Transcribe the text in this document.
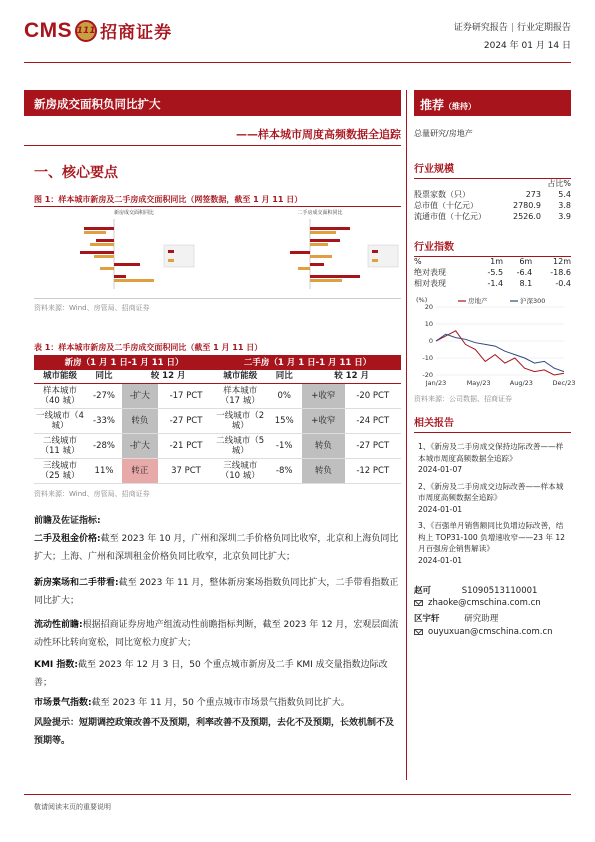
CMS 111 招商证券	证券研究报告 | 行业定期报告
2024 年 01 月 14 日
新房成交面积负同比扩大
——样本城市周度高频数据全追踪
一、核心要点
图 1：样本城市新房及二手房成交面积同比（网签数据，截至 1 月 11 日）
新房成交面积同比	二手房成交面积同比
资料来源：Wind、房管局、招商证券
表 1：样本城市新房及二手房成交面积同比（截至 1 月 11 日）
新房（1 月 1 日-1 月 11 日）				二手房（1 月 1 日-1 月 11 日）			
城市能级	同比	较 12 月		城市能级	同比	较 12 月	
样本城市（40 城）	-27%	-扩大	-17 PCT	样本城市（17 城）	0%	+收窄	-20 PCT
一线城市（4 城）	-33%	转负	-27 PCT	一线城市（2 城）	15%	+收窄	-24 PCT
二线城市（11 城）	-28%	-扩大	-21 PCT	二线城市（5 城）	-1%	转负	-27 PCT
三线城市（25 城）	11%	转正	37 PCT	三线城市（10 城）	-8%	转负	-12 PCT
资料来源：Wind、房管局、招商证券
前瞻及佐证指标:
二手及租金价格:截至 2023 年 10 月，广州和深圳二手价格负同比收窄，北京和上海负同比扩大；上海、广州和深圳租金价格负同比收窄，北京负同比扩大；
新房案场和二手带看:截至 2023 年 11 月，整体新房案场指数负同比扩大，二手带看指数正同比扩大；
流动性前瞻:根据招商证券房地产组流动性前瞻指标判断，截至 2023 年 12 月，宏观层面流动性环比转向宽松，同比宽松力度扩大；
KMI 指数:截至 2023 年 12 月 3 日，50 个重点城市新房及二手 KMI 成交量指数边际改善；
市场景气指数:截至 2023 年 11 月，50 个重点城市市场景气指数负同比扩大。
风险提示：短期调控政策改善不及预期，利率改善不及预期，去化不及预期，长效机制不及预期等。
敬请阅读末页的重要说明
推荐（维持）
总量研究/房地产
行业规模
		占比%
股票家数（只）	273	5.4
总市值（十亿元）	2780.9	3.8
流通市值（十亿元）	2526.0	3.9
行业指数
%	1m	6m	12m
绝对表现	-5.5	-6.4	-18.6
相对表现	-1.4	8.1	-0.4
(%)
20
10
0
-10
-20
Jan/23	May/23	Aug/23	Dec/23
房地产	沪深300
资料来源：公司数据、招商证券
相关报告
1、《新房及二手房成交保持边际改善——样本城市周度高频数据全追踪》
2024-01-07
2、《新房及二手房成交边际改善——样本城市周度高频数据全追踪》
2024-01-01
3、《百强单月销售额同比负增边际改善，结构上 TOP31-100 负增速收窄——23 年 12 月百强房企销售解读》
2024-01-01
赵可	S1090513110001
zhaoke@cmschina.com.cn
区宇轩	研究助理
ouyuxuan@cmschina.com.cn
